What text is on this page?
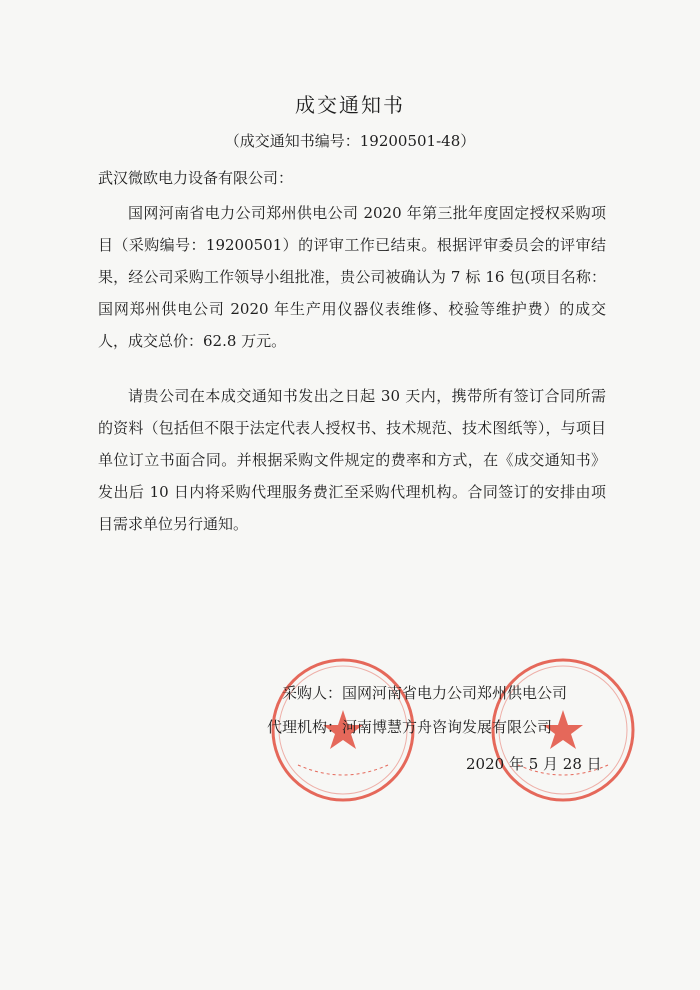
成交通知书
（成交通知书编号：19200501-48）
武汉微欧电力设备有限公司：

国网河南省电力公司郑州供电公司 2020 年第三批年度固定授权采购项目（采购编号：19200501）的评审工作已结束。根据评审委员会的评审结果，经公司采购工作领导小组批准，贵公司被确认为 7 标 16 包(项目名称：国网郑州供电公司 2020 年生产用仪器仪表维修、校验等维护费）的成交人，成交总价：62.8 万元。

请贵公司在本成交通知书发出之日起 30 天内，携带所有签订合同所需的资料（包括但不限于法定代表人授权书、技术规范、技术图纸等），与项目单位订立书面合同。并根据采购文件规定的费率和方式，在《成交通知书》发出后 10 日内将采购代理服务费汇至采购代理机构。合同签订的安排由项目需求单位另行通知。

采购人：国网河南省电力公司郑州供电公司
代理机构：河南博慧方舟咨询发展有限公司
2020 年 5 月 28 日
